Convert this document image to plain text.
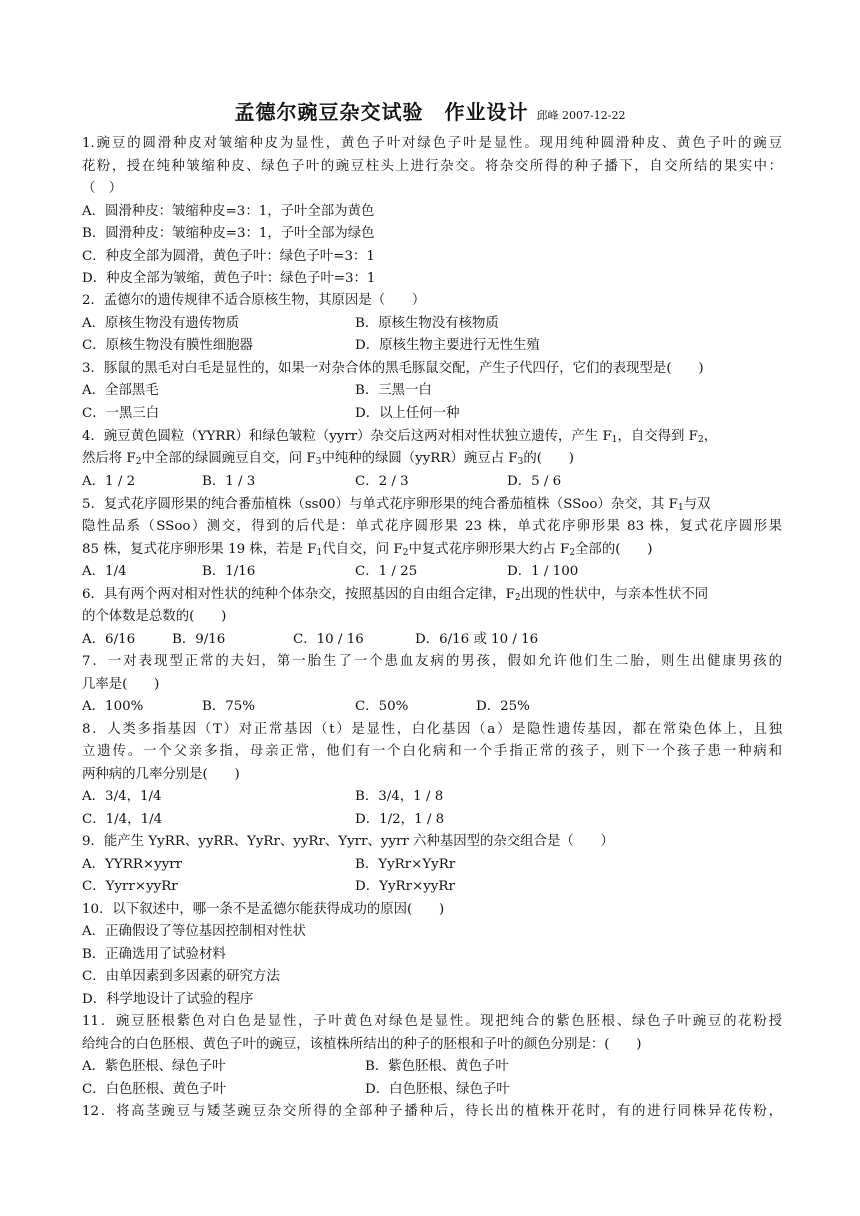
孟德尔豌豆杂交试验　作业设计 邱峰 2007-12-22
1.豌豆的圆滑种皮对皱缩种皮为显性，黄色子叶对绿色子叶是显性。现用纯种圆滑种皮、黄色子叶的豌豆
花粉，授在纯种皱缩种皮、绿色子叶的豌豆柱头上进行杂交。将杂交所得的种子播下，自交所结的果实中：
（　）
A．圆滑种皮：皱缩种皮=3：1，子叶全部为黄色
B．圆滑种皮：皱缩种皮=3：1，子叶全部为绿色
C．种皮全部为圆滑，黄色子叶：绿色子叶=3：1
D．种皮全部为皱缩，黄色子叶：绿色子叶=3：1
2．孟德尔的遗传规律不适合原核生物，其原因是（　　）
A．原核生物没有遗传物质	B．原核生物没有核物质
C．原核生物没有膜性细胞器	D．原核生物主要进行无性生殖
3．豚鼠的黑毛对白毛是显性的，如果一对杂合体的黑毛豚鼠交配，产生子代四仔，它们的表现型是(　　)
A．全部黑毛	B．三黑一白
C．一黑三白	D．以上任何一种
4．豌豆黄色圆粒（YYRR）和绿色皱粒（yyrr）杂交后这两对相对性状独立遗传，产生 $F_1$，自交得到 $F_2$，
然后将 $F_2$中全部的绿圆豌豆自交，问 $F_3$中纯种的绿圆（yyRR）豌豆占 $F_3$的(　　)
A．1 / 2	B．1 / 3	C．2 / 3	D．5 / 6
5．复式花序圆形果的纯合番茄植株（ss00）与单式花序卵形果的纯合番茄植株（SSoo）杂交，其 $F_1$与双
隐性品系（SSoo）测交，得到的后代是：单式花序圆形果 23 株，单式花序卵形果 83 株，复式花序圆形果
85 株，复式花序卵形果 19 株，若是 $F_1$代自交，问 $F_2$中复式花序卵形果大约占 $F_2$全部的(　　)
A．1/4	B．1/16	C．1 / 25	D．1 / 100
6．具有两个两对相对性状的纯种个体杂交，按照基因的自由组合定律，$F_2$出现的性状中，与亲本性状不同
的个体数是总数的(　　)
A．6/16	B．9/16	C．10 / 16	D．6/16 或 10 / 16
7．一对表现型正常的夫妇，第一胎生了一个患血友病的男孩，假如允许他们生二胎，则生出健康男孩的
几率是(　　)
A．100%	B．75%	C．50%	D．25%
8．人类多指基因（T）对正常基因（t）是显性，白化基因（a）是隐性遗传基因，都在常染色体上，且独
立遗传。一个父亲多指，母亲正常，他们有一个白化病和一个手指正常的孩子，则下一个孩子患一种病和
两种病的几率分别是(　　)
A．3/4，1/4	B．3/4，1 / 8
C．1/4，1/4	D．1/2，1 / 8
9．能产生 YyRR、yyRR、YyRr、yyRr、Yyrr、yyrr 六种基因型的杂交组合是（　　）
A．YYRR×yyrr	B．YyRr×YyRr
C．Yyrr×yyRr	D．YyRr×yyRr
10．以下叙述中，哪一条不是孟德尔能获得成功的原因(　　)
A．正确假设了等位基因控制相对性状
B．正确选用了试验材料
C．由单因素到多因素的研究方法
D．科学地设计了试验的程序
11．豌豆胚根紫色对白色是显性，子叶黄色对绿色是显性。现把纯合的紫色胚根、绿色子叶豌豆的花粉授
给纯合的白色胚根、黄色子叶的豌豆，该植株所结出的种子的胚根和子叶的颜色分别是：(　　)
A．紫色胚根、绿色子叶	B．紫色胚根、黄色子叶
C．白色胚根、黄色子叶	D．白色胚根、绿色子叶
12．将高茎豌豆与矮茎豌豆杂交所得的全部种子播种后，待长出的植株开花时，有的进行同株异花传粉，
